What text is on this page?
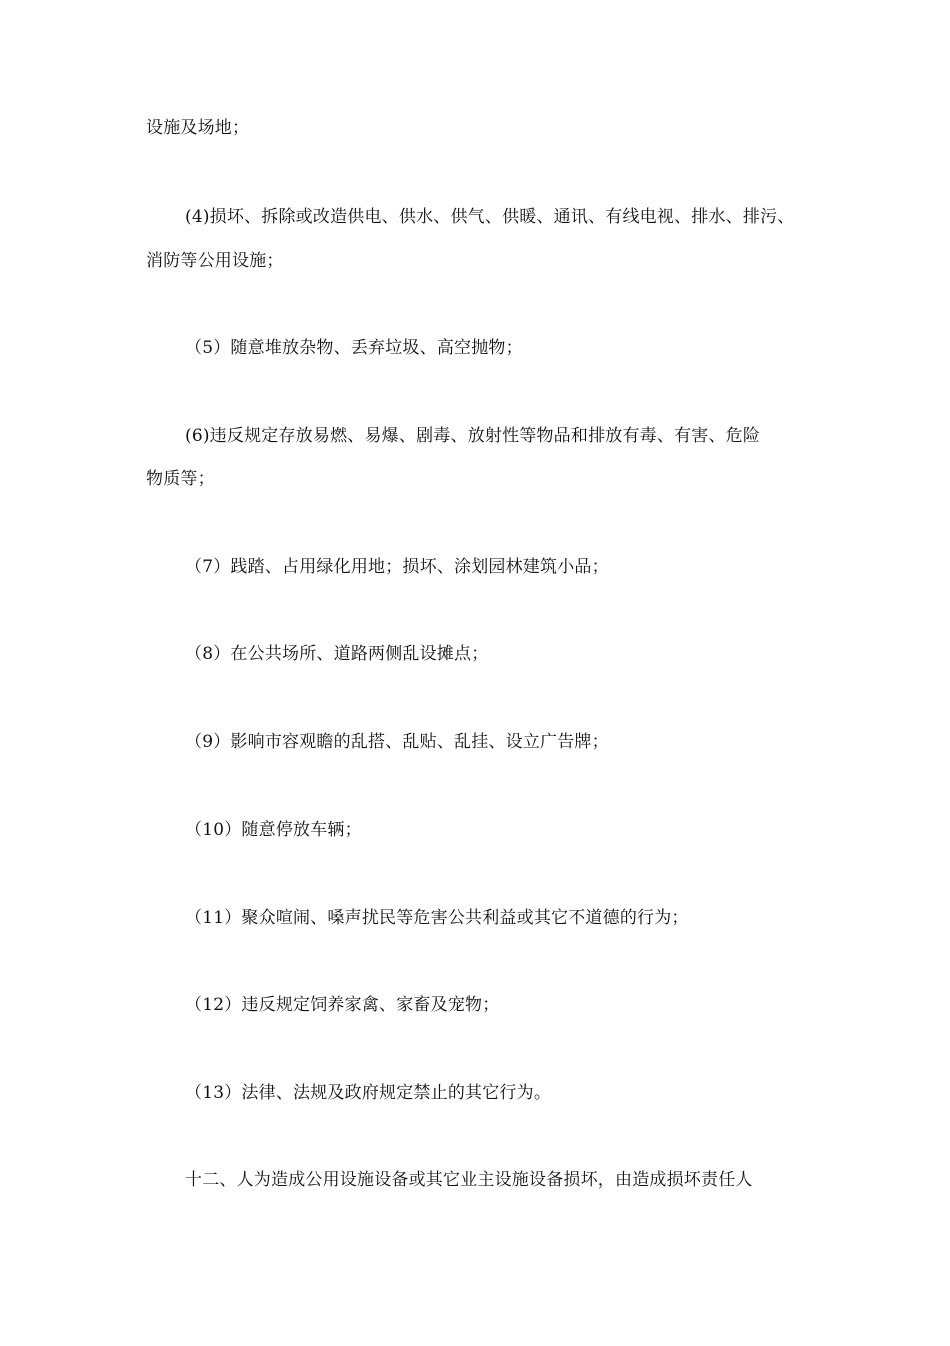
设施及场地；
(4)损坏、拆除或改造供电、供水、供气、供暖、通讯、有线电视、排水、排污、
消防等公用设施；
（5）随意堆放杂物、丢弃垃圾、高空抛物；
(6)违反规定存放易燃、易爆、剧毒、放射性等物品和排放有毒、有害、危险
物质等；
（7）践踏、占用绿化用地；损坏、涂划园林建筑小品；
（8）在公共场所、道路两侧乱设摊点；
（9）影响市容观瞻的乱搭、乱贴、乱挂、设立广告牌；
（10）随意停放车辆；
（11）聚众喧闹、嗓声扰民等危害公共利益或其它不道德的行为；
（12）违反规定饲养家禽、家畜及宠物；
（13）法律、法规及政府规定禁止的其它行为。
十二、人为造成公用设施设备或其它业主设施设备损坏，由造成损坏责任人
